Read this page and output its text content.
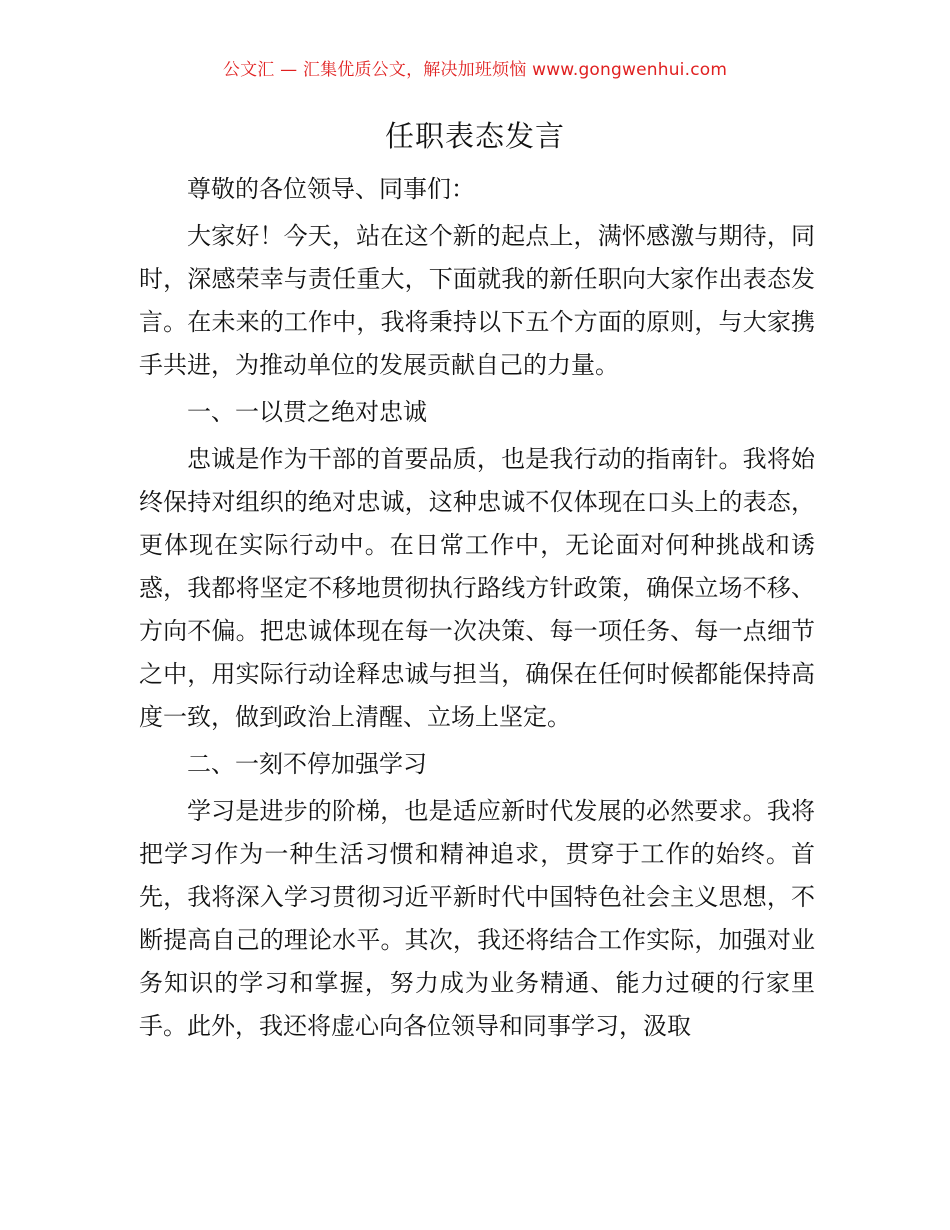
公文汇 — 汇集优质公文，解决加班烦恼 www.gongwenhui.com
任职表态发言

尊敬的各位领导、同事们：

大家好！今天，站在这个新的起点上，满怀感激与期待，同时，深感荣幸与责任重大，下面就我的新任职向大家作出表态发言。在未来的工作中，我将秉持以下五个方面的原则，与大家携手共进，为推动单位的发展贡献自己的力量。

一、一以贯之绝对忠诚

忠诚是作为干部的首要品质，也是我行动的指南针。我将始终保持对组织的绝对忠诚，这种忠诚不仅体现在口头上的表态，更体现在实际行动中。在日常工作中，无论面对何种挑战和诱惑，我都将坚定不移地贯彻执行路线方针政策，确保立场不移、方向不偏。把忠诚体现在每一次决策、每一项任务、每一点细节之中，用实际行动诠释忠诚与担当，确保在任何时候都能保持高度一致，做到政治上清醒、立场上坚定。

二、一刻不停加强学习

学习是进步的阶梯，也是适应新时代发展的必然要求。我将把学习作为一种生活习惯和精神追求，贯穿于工作的始终。首先，我将深入学习贯彻习近平新时代中国特色社会主义思想，不断提高自己的理论水平。其次，我还将结合工作实际，加强对业务知识的学习和掌握，努力成为业务精通、能力过硬的行家里手。此外，我还将虚心向各位领导和同事学习，汲取
